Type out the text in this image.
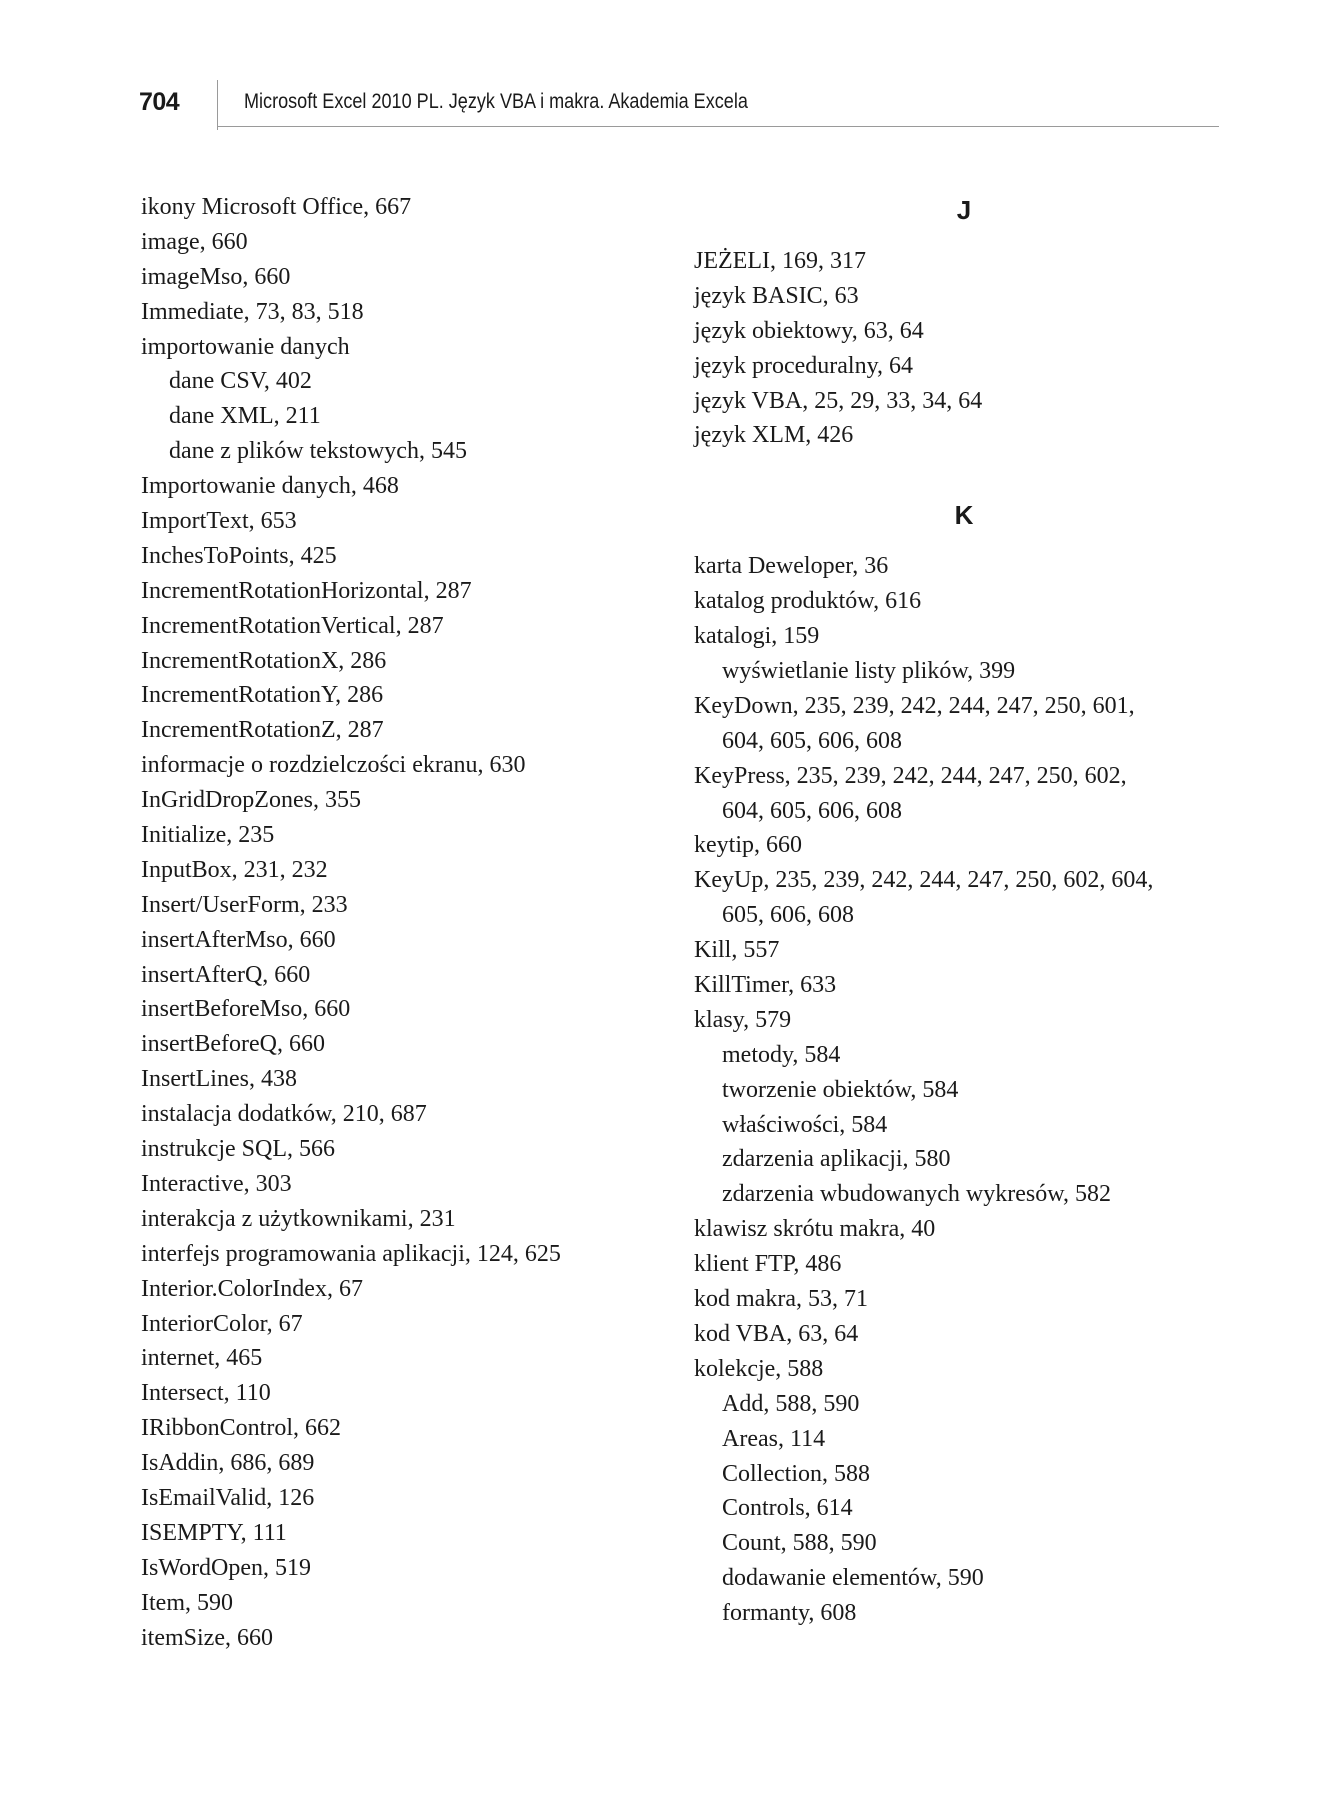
704	Microsoft Excel 2010 PL. Język VBA i makra. Akademia Excela
ikony Microsoft Office, 667
image, 660
imageMso, 660
Immediate, 73, 83, 518
importowanie danych
dane CSV, 402
dane XML, 211
dane z plików tekstowych, 545
Importowanie danych, 468
ImportText, 653
InchesToPoints, 425
IncrementRotationHorizontal, 287
IncrementRotationVertical, 287
IncrementRotationX, 286
IncrementRotationY, 286
IncrementRotationZ, 287
informacje o rozdzielczości ekranu, 630
InGridDropZones, 355
Initialize, 235
InputBox, 231, 232
Insert/UserForm, 233
insertAfterMso, 660
insertAfterQ, 660
insertBeforeMso, 660
insertBeforeQ, 660
InsertLines, 438
instalacja dodatków, 210, 687
instrukcje SQL, 566
Interactive, 303
interakcja z użytkownikami, 231
interfejs programowania aplikacji, 124, 625
Interior.ColorIndex, 67
InteriorColor, 67
internet, 465
Intersect, 110
IRibbonControl, 662
IsAddin, 686, 689
IsEmailValid, 126
ISEMPTY, 111
IsWordOpen, 519
Item, 590
itemSize, 660
J
JEŻELI, 169, 317
język BASIC, 63
język obiektowy, 63, 64
język proceduralny, 64
język VBA, 25, 29, 33, 34, 64
język XLM, 426
K
karta Deweloper, 36
katalog produktów, 616
katalogi, 159
wyświetlanie listy plików, 399
KeyDown, 235, 239, 242, 244, 247, 250, 601,
604, 605, 606, 608
KeyPress, 235, 239, 242, 244, 247, 250, 602,
604, 605, 606, 608
keytip, 660
KeyUp, 235, 239, 242, 244, 247, 250, 602, 604,
605, 606, 608
Kill, 557
KillTimer, 633
klasy, 579
metody, 584
tworzenie obiektów, 584
właściwości, 584
zdarzenia aplikacji, 580
zdarzenia wbudowanych wykresów, 582
klawisz skrótu makra, 40
klient FTP, 486
kod makra, 53, 71
kod VBA, 63, 64
kolekcje, 588
Add, 588, 590
Areas, 114
Collection, 588
Controls, 614
Count, 588, 590
dodawanie elementów, 590
formanty, 608
